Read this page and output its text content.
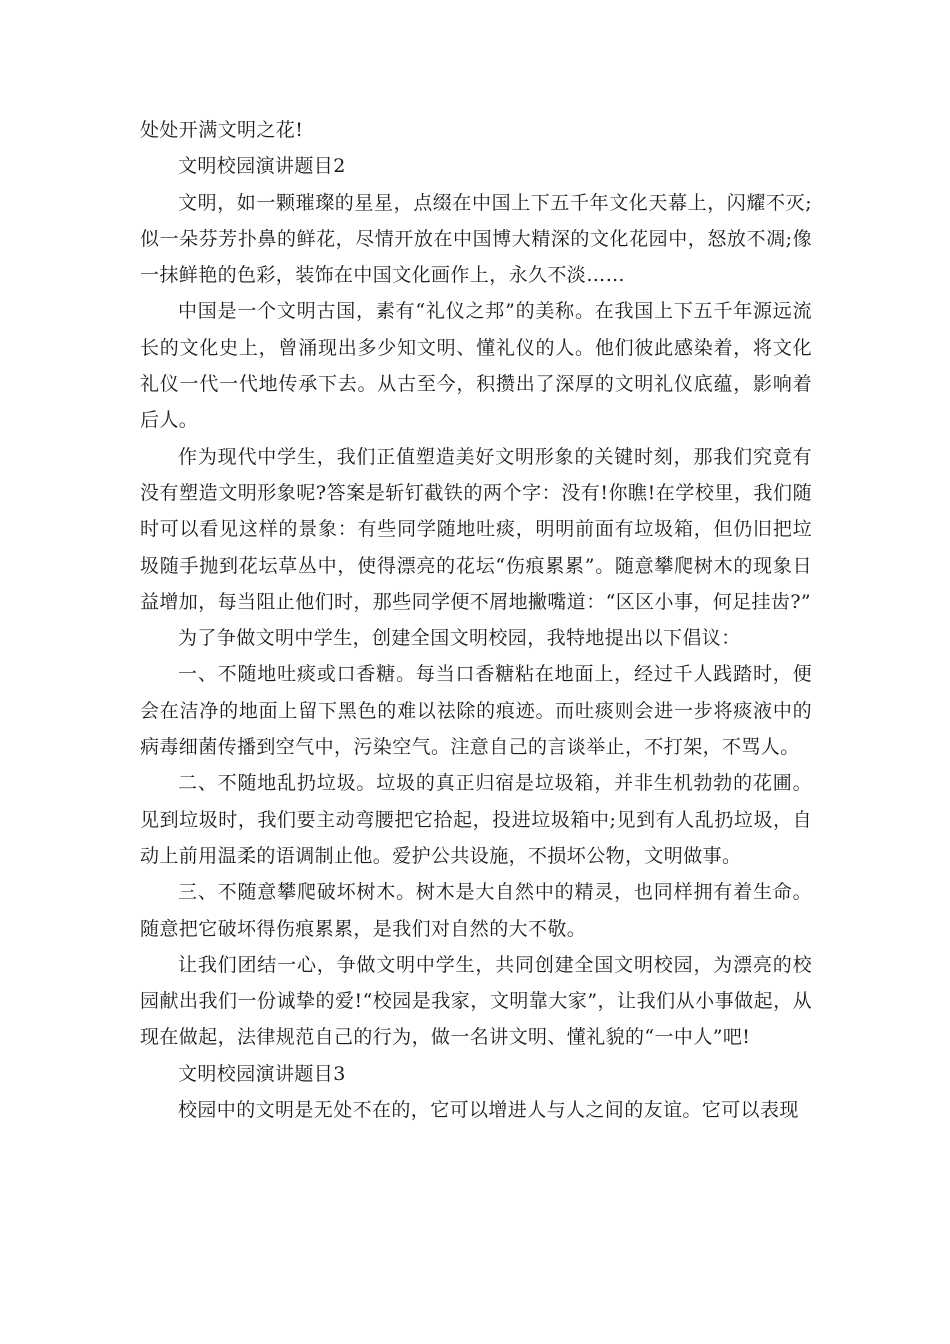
处处开满文明之花!

文明校园演讲题目2

文明，如一颗璀璨的星星，点缀在中国上下五千年文化天幕上，闪耀不灭;似一朵芬芳扑鼻的鲜花，尽情开放在中国博大精深的文化花园中，怒放不凋;像一抹鲜艳的色彩，装饰在中国文化画作上，永久不淡……

中国是一个文明古国，素有“礼仪之邦”的美称。在我国上下五千年源远流长的文化史上，曾涌现出多少知文明、懂礼仪的人。他们彼此感染着，将文化礼仪一代一代地传承下去。从古至今，积攒出了深厚的文明礼仪底蕴，影响着后人。

作为现代中学生，我们正值塑造美好文明形象的关键时刻，那我们究竟有没有塑造文明形象呢?答案是斩钉截铁的两个字：没有!你瞧!在学校里，我们随时可以看见这样的景象：有些同学随地吐痰，明明前面有垃圾箱，但仍旧把垃圾随手抛到花坛草丛中，使得漂亮的花坛“伤痕累累”。随意攀爬树木的现象日益增加，每当阻止他们时，那些同学便不屑地撇嘴道：“区区小事，何足挂齿?”

为了争做文明中学生，创建全国文明校园，我特地提出以下倡议：

一、不随地吐痰或口香糖。每当口香糖粘在地面上，经过千人践踏时，便会在洁净的地面上留下黑色的难以祛除的痕迹。而吐痰则会进一步将痰液中的病毒细菌传播到空气中，污染空气。注意自己的言谈举止，不打架，不骂人。

二、不随地乱扔垃圾。垃圾的真正归宿是垃圾箱，并非生机勃勃的花圃。见到垃圾时，我们要主动弯腰把它拾起，投进垃圾箱中;见到有人乱扔垃圾，自动上前用温柔的语调制止他。爱护公共设施，不损坏公物，文明做事。

三、不随意攀爬破坏树木。树木是大自然中的精灵，也同样拥有着生命。随意把它破坏得伤痕累累，是我们对自然的大不敬。

让我们团结一心，争做文明中学生，共同创建全国文明校园，为漂亮的校园献出我们一份诚挚的爱!“校园是我家，文明靠大家”，让我们从小事做起，从现在做起，法律规范自己的行为，做一名讲文明、懂礼貌的“一中人”吧!

文明校园演讲题目3

校园中的文明是无处不在的，它可以增进人与人之间的友谊。它可以表现
